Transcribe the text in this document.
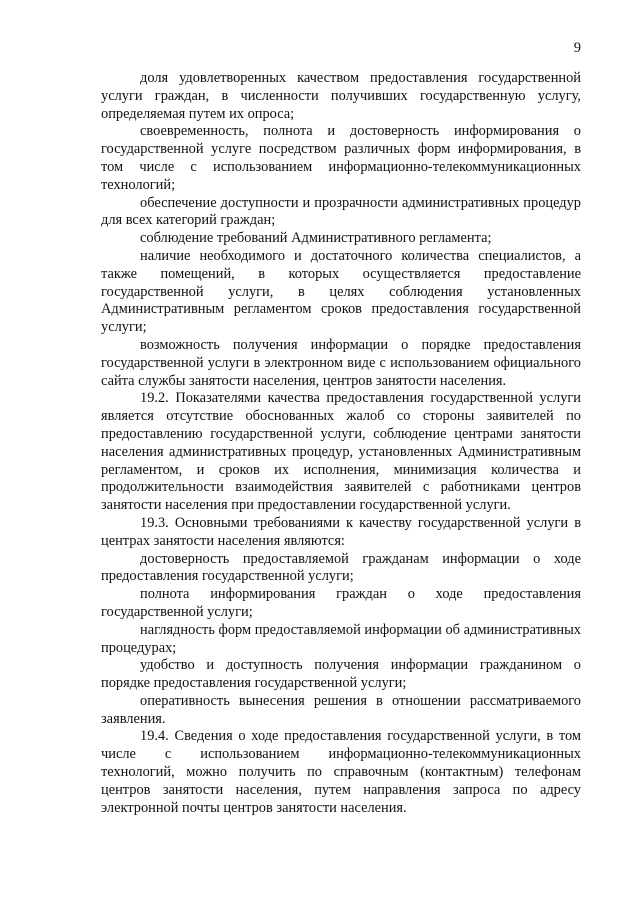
9

доля удовлетворенных качеством предоставления государственной услуги граждан, в численности получивших государственную услугу, определяемая путем их опроса;

своевременность, полнота и достоверность информирования о государственной услуге посредством различных форм информирования, в том числе с использованием информационно-телекоммуникационных технологий;

обеспечение доступности и прозрачности административных процедур для всех категорий граждан;

соблюдение требований Административного регламента;

наличие необходимого и достаточного количества специалистов, а также помещений, в которых осуществляется предоставление государственной услуги, в целях соблюдения установленных Административным регламентом сроков предоставления государственной услуги;

возможность получения информации о порядке предоставления государственной услуги в электронном виде с использованием официального сайта службы занятости населения, центров занятости населения.

19.2. Показателями качества предоставления государственной услуги является отсутствие обоснованных жалоб со стороны заявителей по предоставлению государственной услуги, соблюдение центрами занятости населения административных процедур, установленных Административным регламентом, и сроков их исполнения, минимизация количества и продолжительности взаимодействия заявителей с работниками центров занятости населения при предоставлении государственной услуги.

19.3. Основными требованиями к качеству государственной услуги в центрах занятости населения являются:

достоверность предоставляемой гражданам информации о ходе предоставления государственной услуги;

полнота информирования граждан о ходе предоставления государственной услуги;

наглядность форм предоставляемой информации об административных процедурах;

удобство и доступность получения информации гражданином о порядке предоставления государственной услуги;

оперативность вынесения решения в отношении рассматриваемого заявления.

19.4. Сведения о ходе предоставления государственной услуги, в том числе с использованием информационно-телекоммуникационных технологий, можно получить по справочным (контактным) телефонам центров занятости населения, путем направления запроса по адресу электронной почты центров занятости населения.
